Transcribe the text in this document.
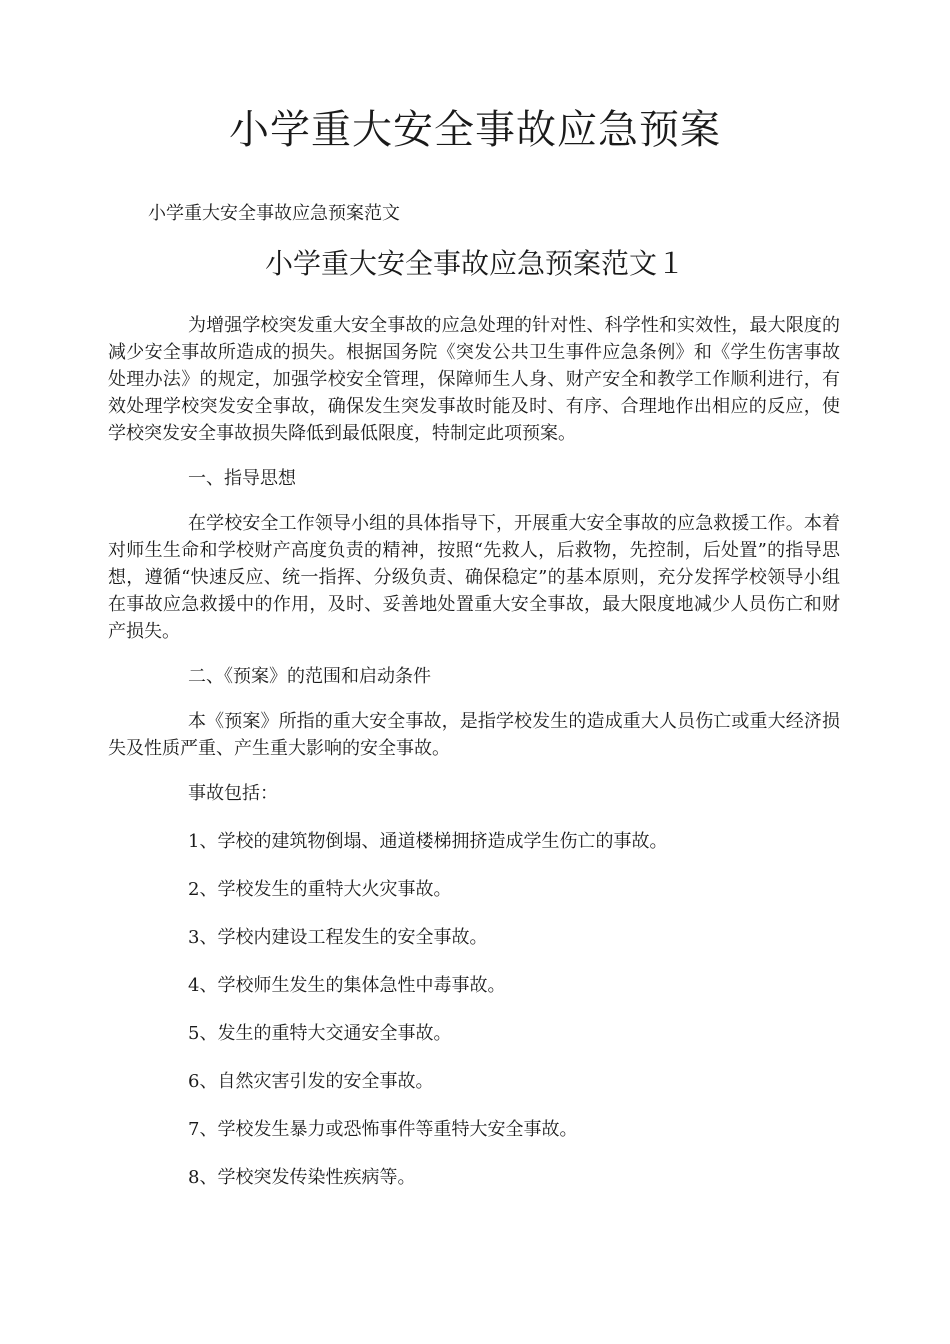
小学重大安全事故应急预案

小学重大安全事故应急预案范文

小学重大安全事故应急预案范文１

为增强学校突发重大安全事故的应急处理的针对性、科学性和实效性，最大限度的减少安全事故所造成的损失。根据国务院《突发公共卫生事件应急条例》和《学生伤害事故处理办法》的规定，加强学校安全管理，保障师生人身、财产安全和教学工作顺利进行，有效处理学校突发安全事故，确保发生突发事故时能及时、有序、合理地作出相应的反应，使学校突发安全事故损失降低到最低限度，特制定此项预案。

一、指导思想

在学校安全工作领导小组的具体指导下，开展重大安全事故的应急救援工作。本着对师生生命和学校财产高度负责的精神，按照“先救人，后救物，先控制，后处置”的指导思想，遵循“快速反应、统一指挥、分级负责、确保稳定”的基本原则，充分发挥学校领导小组在事故应急救援中的作用，及时、妥善地处置重大安全事故，最大限度地减少人员伤亡和财产损失。

二、《预案》的范围和启动条件

本《预案》所指的重大安全事故，是指学校发生的造成重大人员伤亡或重大经济损失及性质严重、产生重大影响的安全事故。

事故包括：

1、学校的建筑物倒塌、通道楼梯拥挤造成学生伤亡的事故。

2、学校发生的重特大火灾事故。

3、学校内建设工程发生的安全事故。

4、学校师生发生的集体急性中毒事故。

5、发生的重特大交通安全事故。

6、自然灾害引发的安全事故。

7、学校发生暴力或恐怖事件等重特大安全事故。

8、学校突发传染性疾病等。
